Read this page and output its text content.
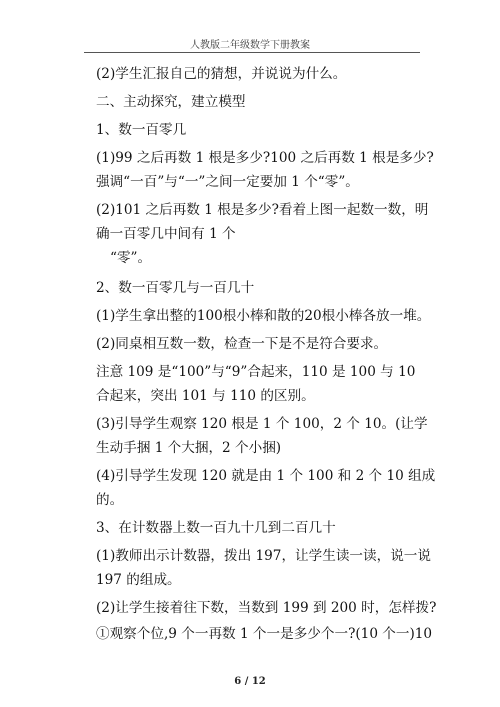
人教版二年级数学下册教案
(2)学生汇报自己的猜想，并说说为什么。
二、主动探究，建立模型
1、数一百零几
(1)99 之后再数 1 根是多少?100 之后再数 1 根是多少?
强调“一百”与“一”之间一定要加 1 个“零”。
(2)101 之后再数 1 根是多少?看着上图一起数一数，明
确一百零几中间有 1 个
“零”。
2、数一百零几与一百几十
(1)学生拿出整的100根小棒和散的20根小棒各放一堆。
(2)同桌相互数一数，检查一下是不是符合要求。
注意 109 是“100”与“9”合起来，110 是 100 与 10
合起来，突出 101 与 110 的区别。
(3)引导学生观察 120 根是 1 个 100，2 个 10。(让学
生动手捆 1 个大捆，2 个小捆)
(4)引导学生发现 120 就是由 1 个 100 和 2 个 10 组成
的。
3、在计数器上数一百九十几到二百几十
(1)教师出示计数器，拨出 197，让学生读一读，说一说
197 的组成。
(2)让学生接着往下数，当数到 199 到 200 时，怎样拨?
①观察个位,9 个一再数 1 个一是多少个一?(10 个一)10
6 / 12
